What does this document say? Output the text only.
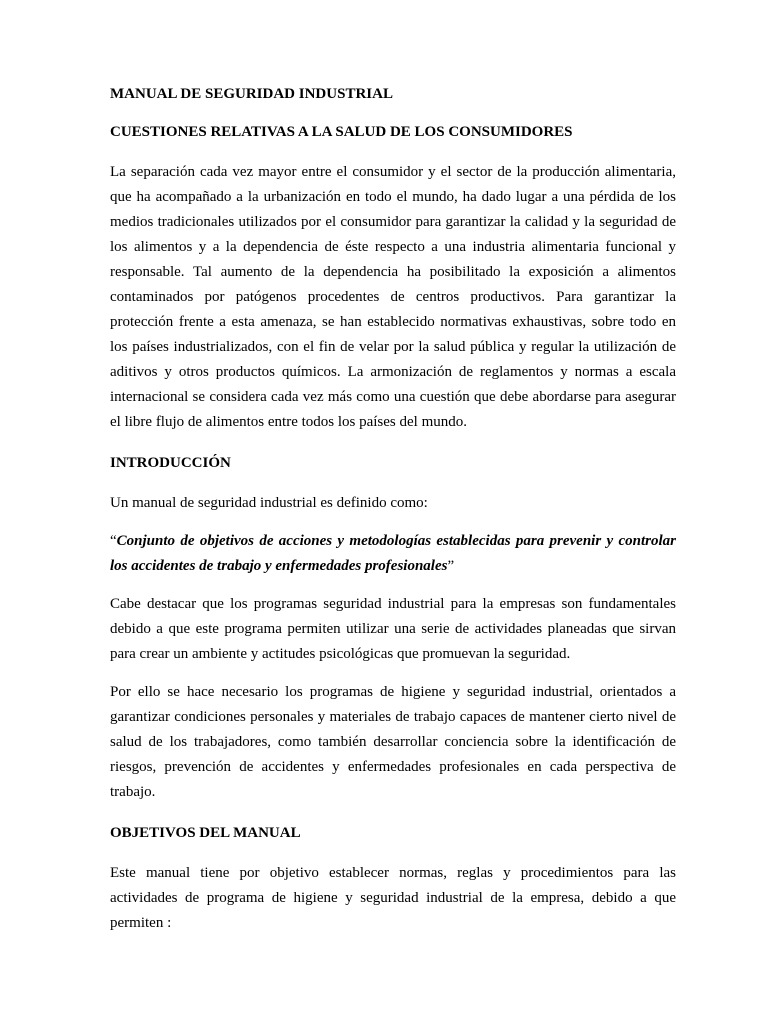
MANUAL DE SEGURIDAD INDUSTRIAL
CUESTIONES RELATIVAS A LA SALUD DE LOS CONSUMIDORES

La separación cada vez mayor entre el consumidor y el sector de la producción alimentaria, que ha acompañado a la urbanización en todo el mundo, ha dado lugar a una pérdida de los medios tradicionales utilizados por el consumidor para garantizar la calidad y la seguridad de los alimentos y a la dependencia de éste respecto a una industria alimentaria funcional y responsable. Tal aumento de la dependencia ha posibilitado la exposición a alimentos contaminados por patógenos procedentes de centros productivos. Para garantizar la protección frente a esta amenaza, se han establecido normativas exhaustivas, sobre todo en los países industrializados, con el fin de velar por la salud pública y regular la utilización de aditivos y otros productos químicos. La armonización de reglamentos y normas a escala internacional se considera cada vez más como una cuestión que debe abordarse para asegurar el libre flujo de alimentos entre todos los países del mundo.

INTRODUCCIÓN

Un manual de seguridad industrial es definido como:

“Conjunto de objetivos de acciones y metodologías establecidas para prevenir y controlar los accidentes de trabajo y enfermedades profesionales”

Cabe destacar que los programas seguridad industrial para la empresas son fundamentales debido a que este programa permiten utilizar una serie de actividades planeadas que sirvan para crear un ambiente y actitudes psicológicas que promuevan la seguridad.

Por ello se hace necesario los programas de higiene y seguridad industrial, orientados a garantizar condiciones personales y materiales de trabajo capaces de mantener cierto nivel de salud de los trabajadores, como también desarrollar conciencia sobre la identificación de riesgos, prevención de accidentes y enfermedades profesionales en cada perspectiva de trabajo.

OBJETIVOS DEL MANUAL

Este manual tiene por objetivo establecer normas, reglas y procedimientos para las actividades de programa de higiene y seguridad industrial de la empresa, debido a que permiten :
